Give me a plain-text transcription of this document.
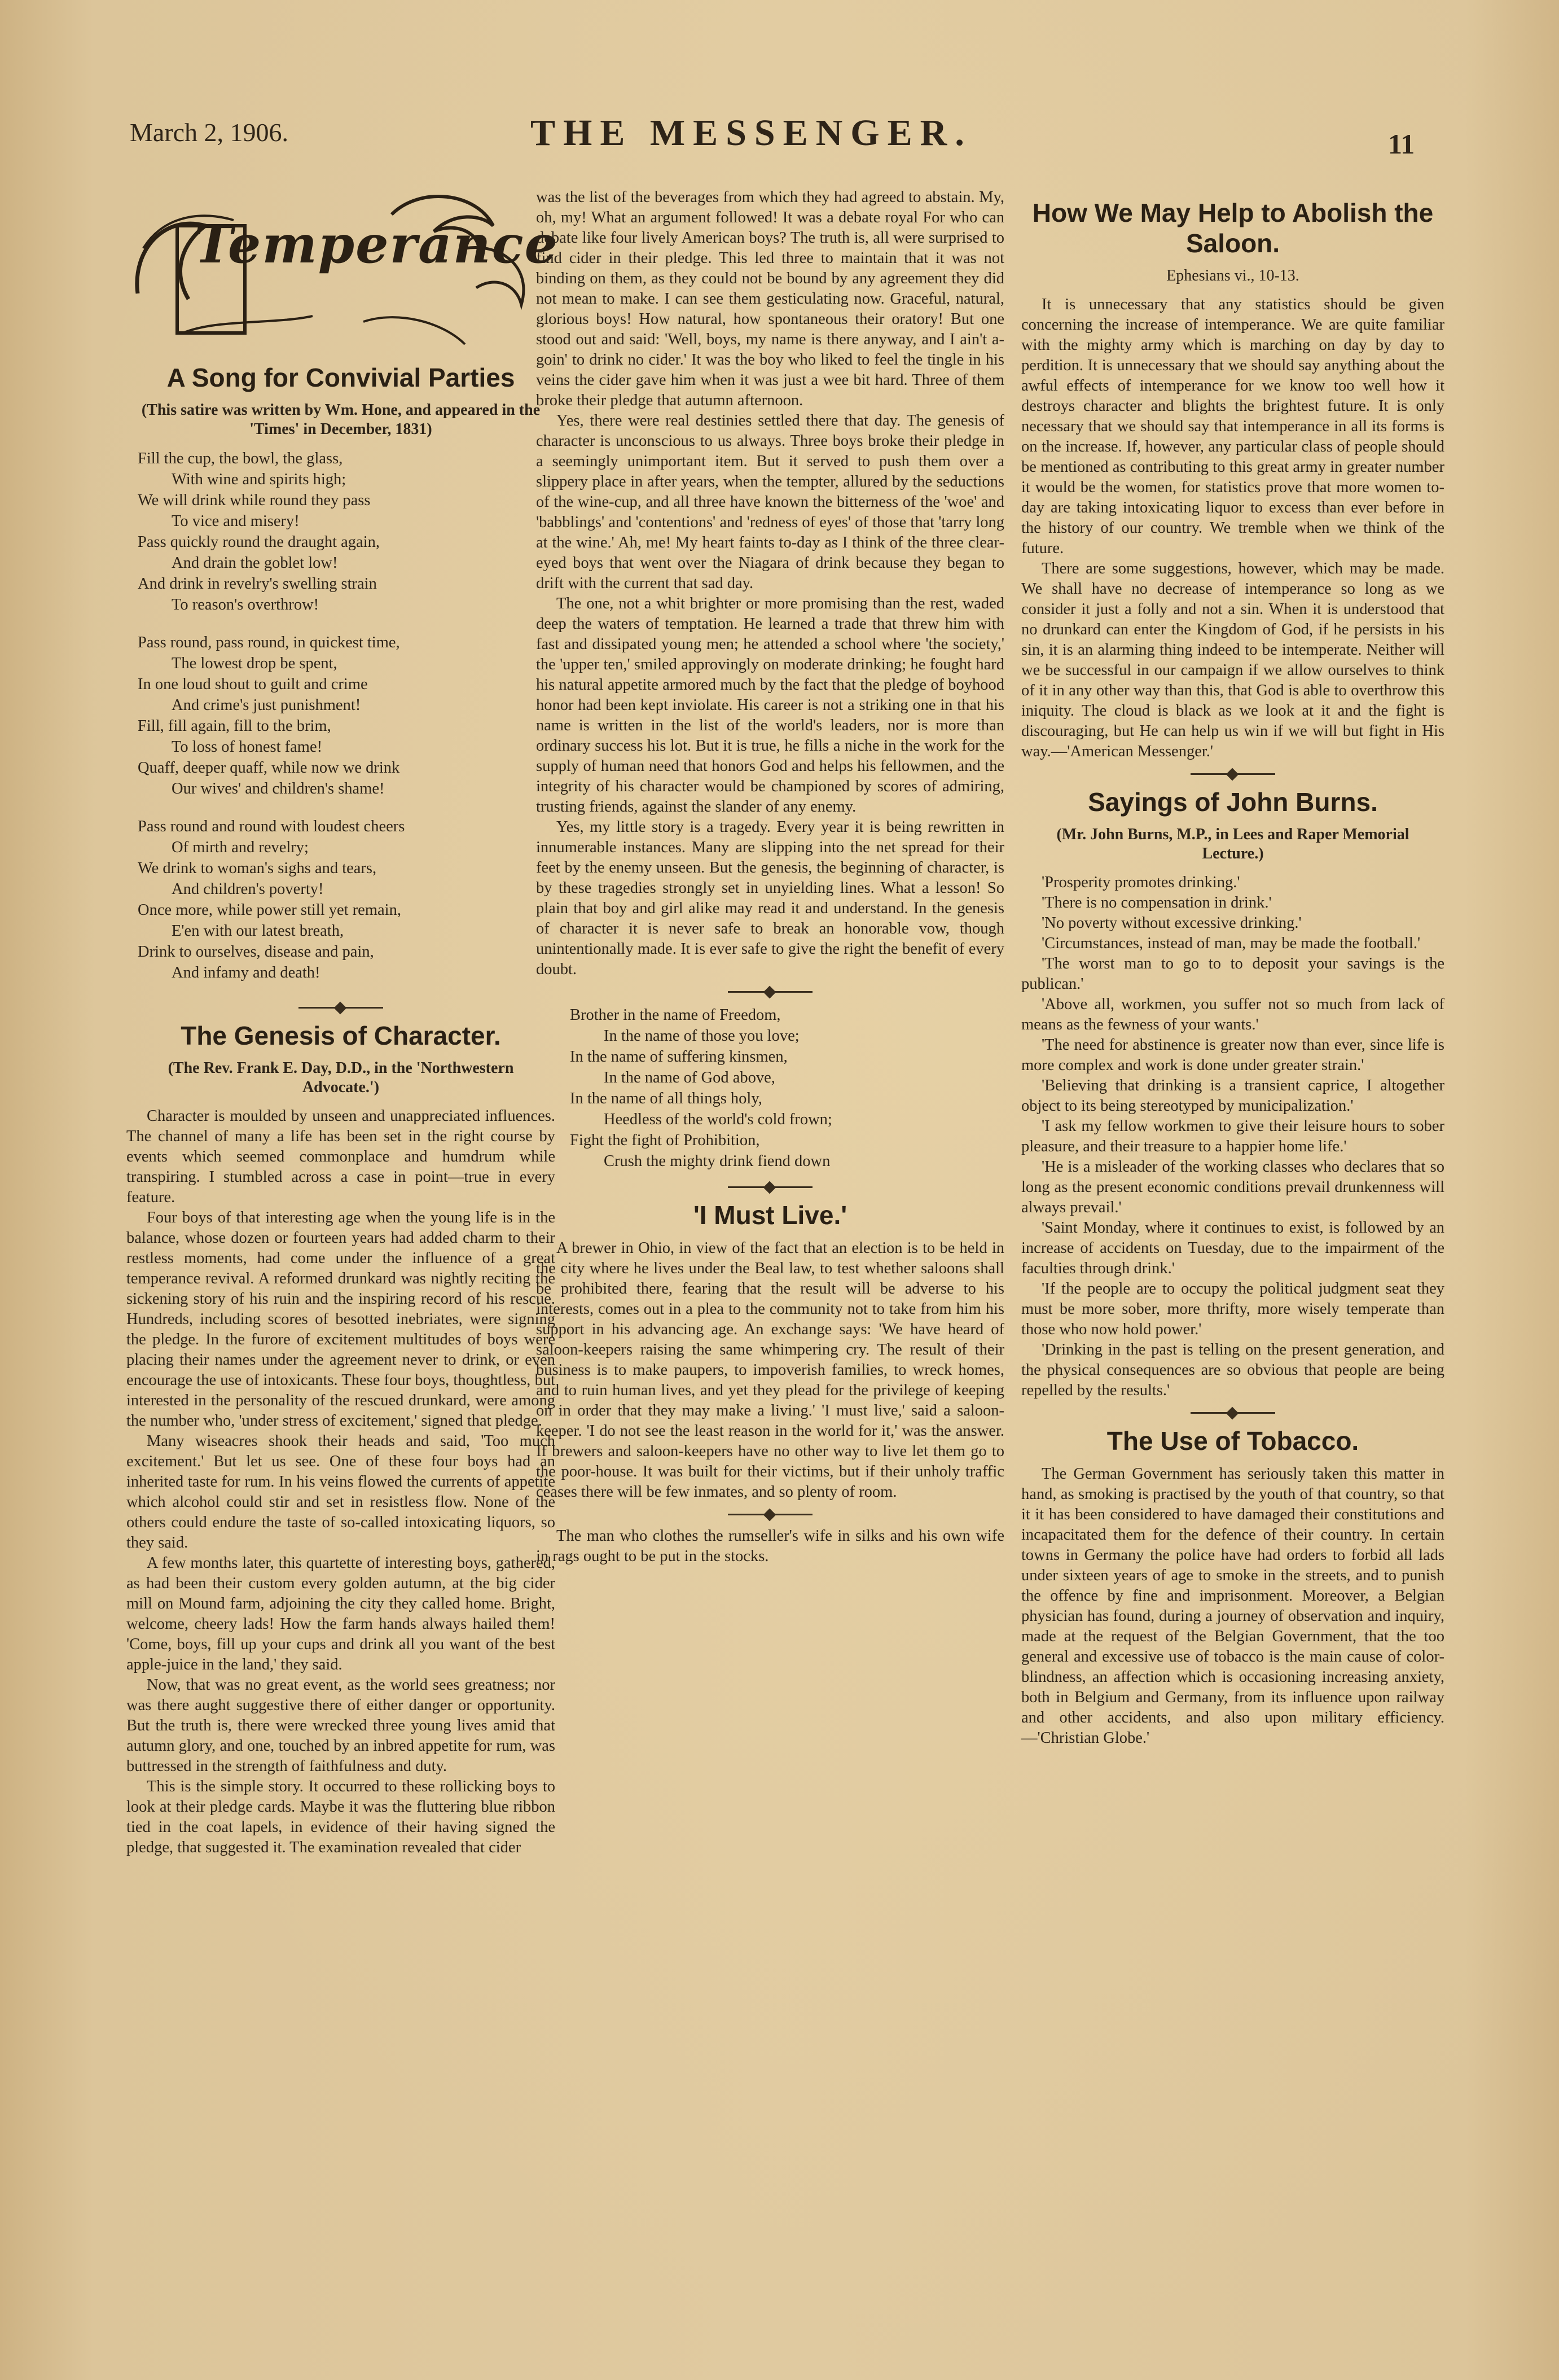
March 2, 1906.	THE MESSENGER.	11
Temperance
A Song for Convivial Parties
(This satire was written by Wm. Hone, and appeared in the 'Times' in December, 1831)
Fill the cup, the bowl, the glass,
With wine and spirits high;
We will drink while round they pass
To vice and misery!
Pass quickly round the draught again,
And drain the goblet low!
And drink in revelry's swelling strain
To reason's overthrow!
Pass round, pass round, in quickest time,
The lowest drop be spent,
In one loud shout to guilt and crime
And crime's just punishment!
Fill, fill again, fill to the brim,
To loss of honest fame!
Quaff, deeper quaff, while now we drink
Our wives' and children's shame!
Pass round and round with loudest cheers
Of mirth and revelry;
We drink to woman's sighs and tears,
And children's poverty!
Once more, while power still yet remain,
E'en with our latest breath,
Drink to ourselves, disease and pain,
And infamy and death!
The Genesis of Character.
(The Rev. Frank E. Day, D.D., in the 'Northwestern Advocate.')

Character is moulded by unseen and unappreciated influences. The channel of many a life has been set in the right course by events which seemed commonplace and humdrum while transpiring. I stumbled across a case in point—true in every feature.

Four boys of that interesting age when the young life is in the balance, whose dozen or fourteen years had added charm to their restless moments, had come under the influence of a great temperance revival. A reformed drunkard was nightly reciting the sickening story of his ruin and the inspiring record of his rescue. Hundreds, including scores of besotted inebriates, were signing the pledge. In the furore of excitement multitudes of boys were placing their names under the agreement never to drink, or even encourage the use of intoxicants. These four boys, thoughtless, but interested in the personality of the rescued drunkard, were among the number who, 'under stress of excitement,' signed that pledge.

Many wiseacres shook their heads and said, 'Too much excitement.' But let us see. One of these four boys had an inherited taste for rum. In his veins flowed the currents of appetite which alcohol could stir and set in resistless flow. None of the others could endure the taste of so-called intoxicating liquors, so they said.

A few months later, this quartette of interesting boys, gathered, as had been their custom every golden autumn, at the big cider mill on Mound farm, adjoining the city they called home. Bright, welcome, cheery lads! How the farm hands always hailed them! 'Come, boys, fill up your cups and drink all you want of the best apple-juice in the land,' they said.

Now, that was no great event, as the world sees greatness; nor was there aught suggestive there of either danger or opportunity. But the truth is, there were wrecked three young lives amid that autumn glory, and one, touched by an inbred appetite for rum, was buttressed in the strength of faithfulness and duty.

This is the simple story. It occurred to these rollicking boys to look at their pledge cards. Maybe it was the fluttering blue ribbon tied in the coat lapels, in evidence of their having signed the pledge, that suggested it. The examination revealed that cider

was the list of the beverages from which they had agreed to abstain. My, oh, my! What an argument followed! It was a debate royal For who can debate like four lively American boys? The truth is, all were surprised to find cider in their pledge. This led three to maintain that it was not binding on them, as they could not be bound by any agreement they did not mean to make. I can see them gesticulating now. Graceful, natural, glorious boys! How natural, how spontaneous their oratory! But one stood out and said: 'Well, boys, my name is there anyway, and I ain't a-goin' to drink no cider.' It was the boy who liked to feel the tingle in his veins the cider gave him when it was just a wee bit hard. Three of them broke their pledge that autumn afternoon.

Yes, there were real destinies settled there that day. The genesis of character is unconscious to us always. Three boys broke their pledge in a seemingly unimportant item. But it served to push them over a slippery place in after years, when the tempter, allured by the seductions of the wine-cup, and all three have known the bitterness of the 'woe' and 'babblings' and 'contentions' and 'redness of eyes' of those that 'tarry long at the wine.' Ah, me! My heart faints to-day as I think of the three clear-eyed boys that went over the Niagara of drink because they began to drift with the current that sad day.

The one, not a whit brighter or more promising than the rest, waded deep the waters of temptation. He learned a trade that threw him with fast and dissipated young men; he attended a school where 'the society,' the 'upper ten,' smiled approvingly on moderate drinking; he fought hard his natural appetite armored much by the fact that the pledge of boyhood honor had been kept inviolate. His career is not a striking one in that his name is written in the list of the world's leaders, nor is more than ordinary success his lot. But it is true, he fills a niche in the work for the supply of human need that honors God and helps his fellowmen, and the integrity of his character would be championed by scores of admiring, trusting friends, against the slander of any enemy.

Yes, my little story is a tragedy. Every year it is being rewritten in innumerable instances. Many are slipping into the net spread for their feet by the enemy unseen. But the genesis, the beginning of character, is by these tragedies strongly set in unyielding lines. What a lesson! So plain that boy and girl alike may read it and understand. In the genesis of character it is never safe to break an honorable vow, though unintentionally made. It is ever safe to give the right the benefit of every doubt.

Brother in the name of Freedom,
In the name of those you love;
In the name of suffering kinsmen,
In the name of God above,
In the name of all things holy,
Heedless of the world's cold frown;
Fight the fight of Prohibition,
Crush the mighty drink fiend down
'I Must Live.'

A brewer in Ohio, in view of the fact that an election is to be held in the city where he lives under the Beal law, to test whether saloons shall be prohibited there, fearing that the result will be adverse to his interests, comes out in a plea to the community not to take from him his support in his advancing age. An exchange says: 'We have heard of saloon-keepers raising the same whimpering cry. The result of their business is to make paupers, to impoverish families, to wreck homes, and to ruin human lives, and yet they plead for the privilege of keeping on in order that they may make a living.' 'I must live,' said a saloon-keeper. 'I do not see the least reason in the world for it,' was the answer. If brewers and saloon-keepers have no other way to live let them go to the poor-house. It was built for their victims, but if their unholy traffic ceases there will be few inmates, and so plenty of room.

The man who clothes the rumseller's wife in silks and his own wife in rags ought to be put in the stocks.

How We May Help to Abolish the Saloon.
Ephesians vi., 10-13.

It is unnecessary that any statistics should be given concerning the increase of intemperance. We are quite familiar with the mighty army which is marching on day by day to perdition. It is unnecessary that we should say anything about the awful effects of intemperance for we know too well how it destroys character and blights the brightest future. It is only necessary that we should say that intemperance in all its forms is on the increase. If, however, any particular class of people should be mentioned as contributing to this great army in greater number it would be the women, for statistics prove that more women to-day are taking intoxicating liquor to excess than ever before in the history of our country. We tremble when we think of the future.

There are some suggestions, however, which may be made. We shall have no decrease of intemperance so long as we consider it just a folly and not a sin. When it is understood that no drunkard can enter the Kingdom of God, if he persists in his sin, it is an alarming thing indeed to be intemperate. Neither will we be successful in our campaign if we allow ourselves to think of it in any other way than this, that God is able to overthrow this iniquity. The cloud is black as we look at it and the fight is discouraging, but He can help us win if we will but fight in His way.—'American Messenger.'

Sayings of John Burns.
(Mr. John Burns, M.P., in Lees and Raper Memorial Lecture.)

'Prosperity promotes drinking.'

'There is no compensation in drink.'

'No poverty without excessive drinking.'

'Circumstances, instead of man, may be made the football.'

'The worst man to go to to deposit your savings is the publican.'

'Above all, workmen, you suffer not so much from lack of means as the fewness of your wants.'

'The need for abstinence is greater now than ever, since life is more complex and work is done under greater strain.'

'Believing that drinking is a transient caprice, I altogether object to its being stereotyped by municipalization.'

'I ask my fellow workmen to give their leisure hours to sober pleasure, and their treasure to a happier home life.'

'He is a misleader of the working classes who declares that so long as the present economic conditions prevail drunkenness will always prevail.'

'Saint Monday, where it continues to exist, is followed by an increase of accidents on Tuesday, due to the impairment of the faculties through drink.'

'If the people are to occupy the political judgment seat they must be more sober, more thrifty, more wisely temperate than those who now hold power.'

'Drinking in the past is telling on the present generation, and the physical consequences are so obvious that people are being repelled by the results.'

The Use of Tobacco.

The German Government has seriously taken this matter in hand, as smoking is practised by the youth of that country, so that it it has been considered to have damaged their constitutions and incapacitated them for the defence of their country. In certain towns in Germany the police have had orders to forbid all lads under sixteen years of age to smoke in the streets, and to punish the offence by fine and imprisonment. Moreover, a Belgian physician has found, during a journey of observation and inquiry, made at the request of the Belgian Government, that the too general and excessive use of tobacco is the main cause of color-blindness, an affection which is occasioning increasing anxiety, both in Belgium and Germany, from its influence upon railway and other accidents, and also upon military efficiency.—'Christian Globe.'
